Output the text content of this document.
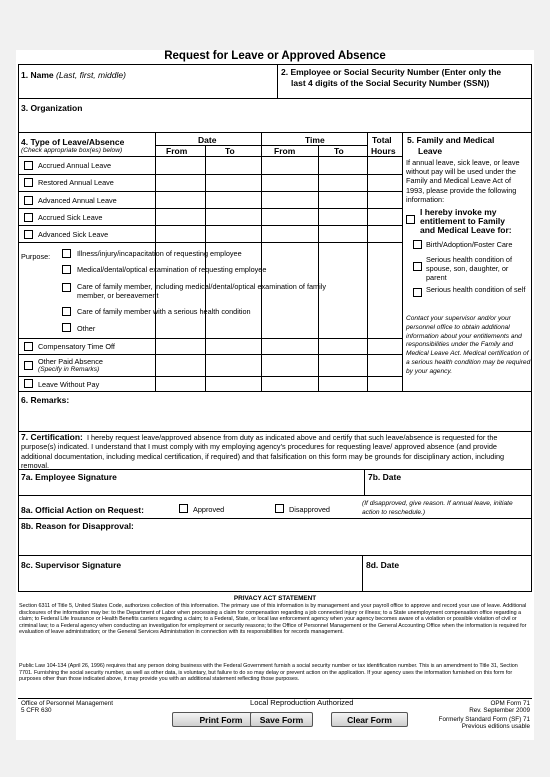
Request for Leave or Approved Absence
1. Name (Last, first, middle)	2. Employee or Social Security Number (Enter only the
last 4 digits of the Social Security Number (SSN))
3. Organization
4. Type of Leave/Absence
(Check appropriate box(es) below)
Date	Time
From	To	From	To
Total
Hours
5. Family and Medical
Leave
Accrued Annual Leave
Restored Annual Leave
Advanced Annual Leave
Accrued Sick Leave
Advanced Sick Leave
Purpose:	Illness/injury/incapacitation of requesting employee
Medical/dental/optical examination of requesting employee
Care of family member, including medical/dental/optical examination of family
member, or bereavement
Care of family member with a serious health condition
Other
Compensatory Time Off
Other Paid Absence
(Specify in Remarks)
Leave Without Pay
If annual leave, sick leave, or leave without pay will be used under the Family and Medical Leave Act of 1993, please provide the following information:
I hereby invoke my
entitlement to Family
and Medical Leave for:
Birth/Adoption/Foster Care
Serious health condition of spouse, son, daughter, or parent
Serious health condition of self
Contact your supervisor and/or your personnel office to obtain additional information about your entitlements and responsibilities under the Family and Medical Leave Act. Medical certification of a serious health condition may be required by your agency.
6. Remarks:
7. Certification: I hereby request leave/approved absence from duty as indicated above and certify that such leave/absence is requested for the purpose(s) indicated. I understand that I must comply with my employing agency's procedures for requesting leave/ approved absence (and provide additional documentation, including medical certification, if required) and that falsification on this form may be grounds for disciplinary action, including removal.
7a. Employee Signature	7b. Date
8a. Official Action on Request:	Approved	Disapproved
(If disapproved, give reason. If annual leave, initiate action to reschedule.)
8b. Reason for Disapproval:
8c. Supervisor Signature	8d. Date
PRIVACY ACT STATEMENT
Section 6311 of Title 5, United States Code, authorizes collection of this information. The primary use of this information is by management and your payroll office to approve and record your use of leave. Additional disclosures of the information may be: to the Department of Labor when processing a claim for compensation regarding a job connected injury or illness; to a State unemployment compensation office regarding a claim; to Federal Life Insurance or Health Benefits carriers regarding a claim; to a Federal, State, or local law enforcement agency when your agency becomes aware of a violation or possible violation of civil or criminal law; to a Federal agency when conducting an investigation for employment or security reasons; to the Office of Personnel Management or the General Accounting Office when the information is required for evaluation of leave administration; or the General Services Administration in connection with its responsibilities for records management.
Public Law 104-134 (April 26, 1996) requires that any person doing business with the Federal Government furnish a social security number or tax identification number. This is an amendment to Title 31, Section 7701. Furnishing the social security number, as well as other data, is voluntary, but failure to do so may delay or prevent action on the application. If your agency uses the information furnished on this form for purposes other than those indicated above, it may provide you with an additional statement reflecting those purposes.
Office of Personnel Management
5 CFR 630
Local Reproduction Authorized	OPM Form 71
Rev. September 2009
Formerly Standard Form (SF) 71
Previous editions usable
Print Form	Save Form	Clear Form
